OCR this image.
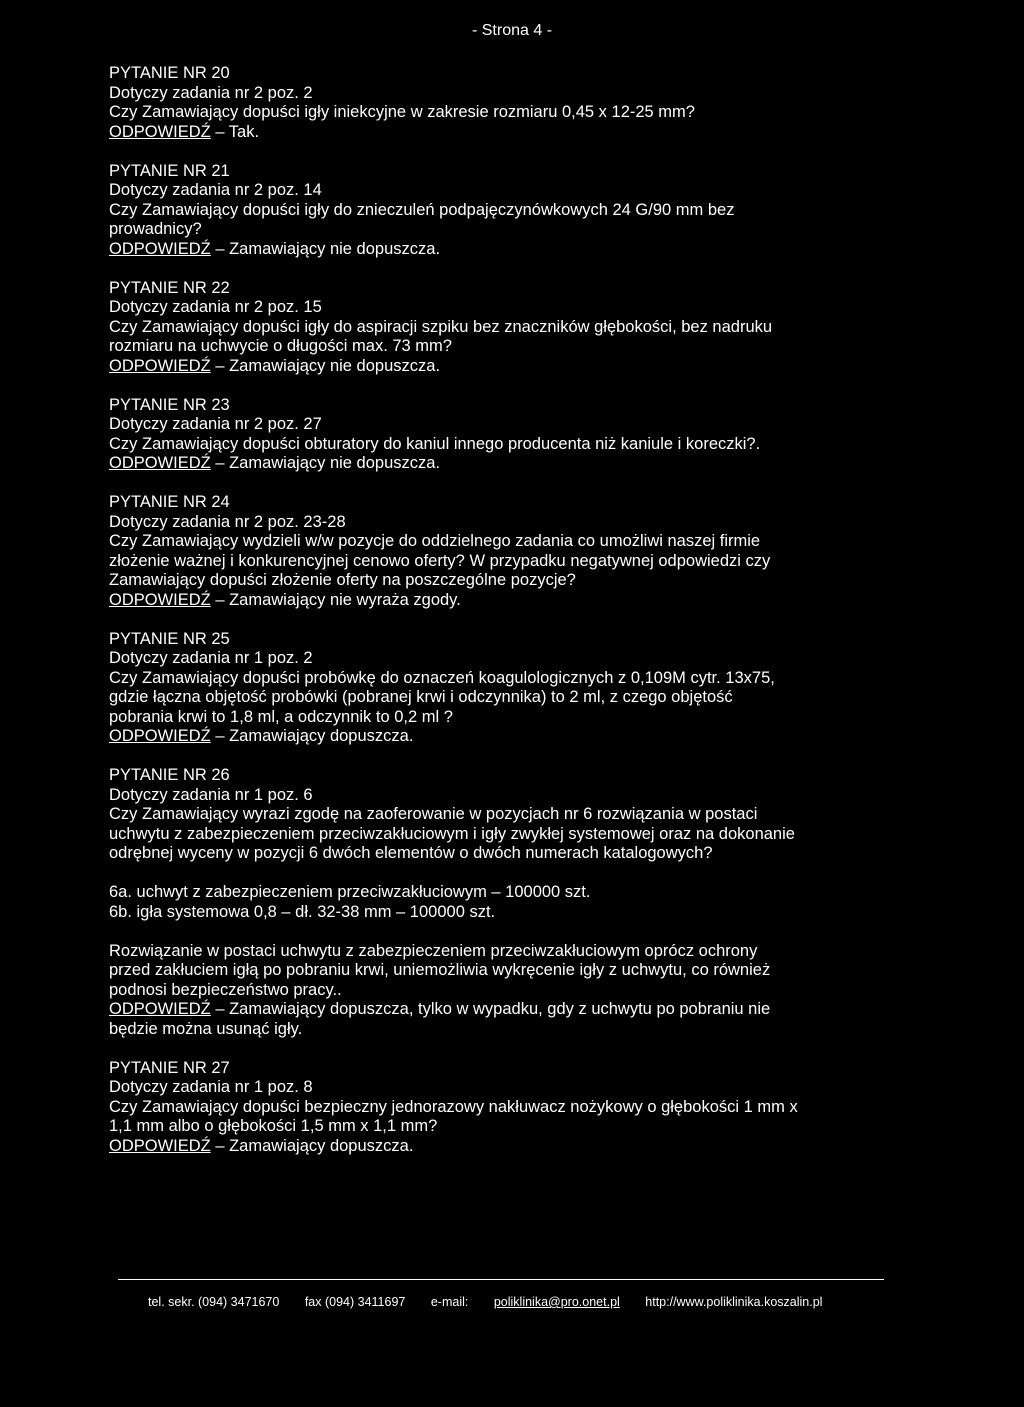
- Strona 4 -
PYTANIE NR 20
Dotyczy zadania nr 2 poz. 2
Czy Zamawiający dopuści igły iniekcyjne w zakresie rozmiaru 0,45 x 12-25 mm?
ODPOWIEDŹ – Tak.
PYTANIE NR 21
Dotyczy zadania nr 2 poz. 14
Czy Zamawiający dopuści igły do znieczuleń podpajęczynówkowych 24 G/90 mm bez
prowadnicy?
ODPOWIEDŹ – Zamawiający nie dopuszcza.
PYTANIE NR 22
Dotyczy zadania nr 2 poz. 15
Czy Zamawiający dopuści igły do aspiracji szpiku bez znaczników głębokości, bez nadruku
rozmiaru na uchwycie o długości max. 73 mm?
ODPOWIEDŹ – Zamawiający nie dopuszcza.
PYTANIE NR 23
Dotyczy zadania nr 2 poz. 27
Czy Zamawiający dopuści obturatory do kaniul innego producenta niż kaniule i koreczki?.
ODPOWIEDŹ – Zamawiający nie dopuszcza.
PYTANIE NR 24
Dotyczy zadania nr 2 poz. 23-28
Czy Zamawiający wydzieli w/w pozycje do oddzielnego zadania co umożliwi naszej firmie
złożenie ważnej i konkurencyjnej cenowo oferty? W przypadku negatywnej odpowiedzi czy
Zamawiający dopuści złożenie oferty na poszczególne pozycje?
ODPOWIEDŹ – Zamawiający nie wyraża zgody.
PYTANIE NR 25
Dotyczy zadania nr 1 poz. 2
Czy Zamawiający dopuści probówkę do oznaczeń koagulologicznych z 0,109M cytr. 13x75,
gdzie łączna objętość probówki (pobranej krwi i odczynnika) to 2 ml, z czego objętość
pobrania krwi to 1,8 ml, a odczynnik to 0,2 ml ?
ODPOWIEDŹ – Zamawiający dopuszcza.
PYTANIE NR 26
Dotyczy zadania nr 1 poz. 6
Czy Zamawiający wyrazi zgodę na zaoferowanie w pozycjach nr 6 rozwiązania w postaci
uchwytu z zabezpieczeniem przeciwzakłuciowym i igły zwykłej systemowej oraz na dokonanie
odrębnej wyceny w pozycji 6 dwóch elementów o dwóch numerach katalogowych?
6a. uchwyt z zabezpieczeniem przeciwzakłuciowym – 100000 szt.
6b. igła systemowa 0,8 – dł. 32-38 mm – 100000 szt.
Rozwiązanie w postaci uchwytu z zabezpieczeniem przeciwzakłuciowym oprócz ochrony
przed zakłuciem igłą po pobraniu krwi, uniemożliwia wykręcenie igły z uchwytu, co również
podnosi bezpieczeństwo pracy..
ODPOWIEDŹ – Zamawiający dopuszcza, tylko w wypadku, gdy z uchwytu po pobraniu nie
będzie można usunąć igły.
PYTANIE NR 27
Dotyczy zadania nr 1 poz. 8
Czy Zamawiający dopuści bezpieczny jednorazowy nakłuwacz nożykowy o głębokości 1 mm x
1,1 mm albo o głębokości 1,5 mm x 1,1 mm?
ODPOWIEDŹ – Zamawiający dopuszcza.
tel. sekr. (094) 3471670 fax (094) 3411697 e-mail: poliklinika@pro.onet.pl http://www.poliklinika.koszalin.pl
